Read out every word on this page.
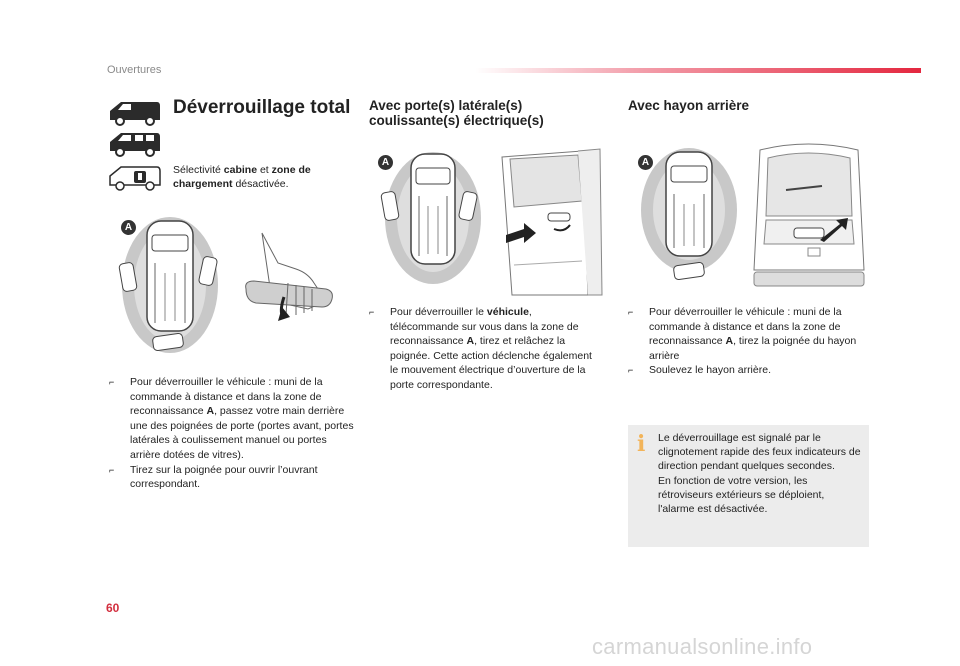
Ouvertures
Déverrouillage total Avec porte(s) latérale(s)
coulissante(s) électrique(s)
Avec hayon arrière
Sélectivité cabine et zone de chargement désactivée.
A
A	A
⌐ Pour déverrouiller le véhicule : muni de la commande à distance et dans la zone de reconnaissance A, passez votre main derrière une des poignées de porte (portes avant, portes latérales à coulissement manuel ou portes arrière dotées de vitres).
⌐ Tirez sur la poignée pour ouvrir l’ouvrant correspondant.
⌐ Pour déverrouiller le véhicule, télécommande sur vous dans la zone de reconnaissance A, tirez et relâchez la poignée. Cette action déclenche également le mouvement électrique d’ouverture de la porte correspondante.
⌐ Pour déverrouiller le véhicule : muni de la commande à distance et dans la zone de reconnaissance A, tirez la poignée du hayon arrière
⌐ Soulevez le hayon arrière.
i Le déverrouillage est signalé par le clignotement rapide des feux indicateurs de direction pendant quelques secondes.
En fonction de votre version, les rétroviseurs extérieurs se déploient, l'alarme est désactivée.
60
carmanualsonline.info
